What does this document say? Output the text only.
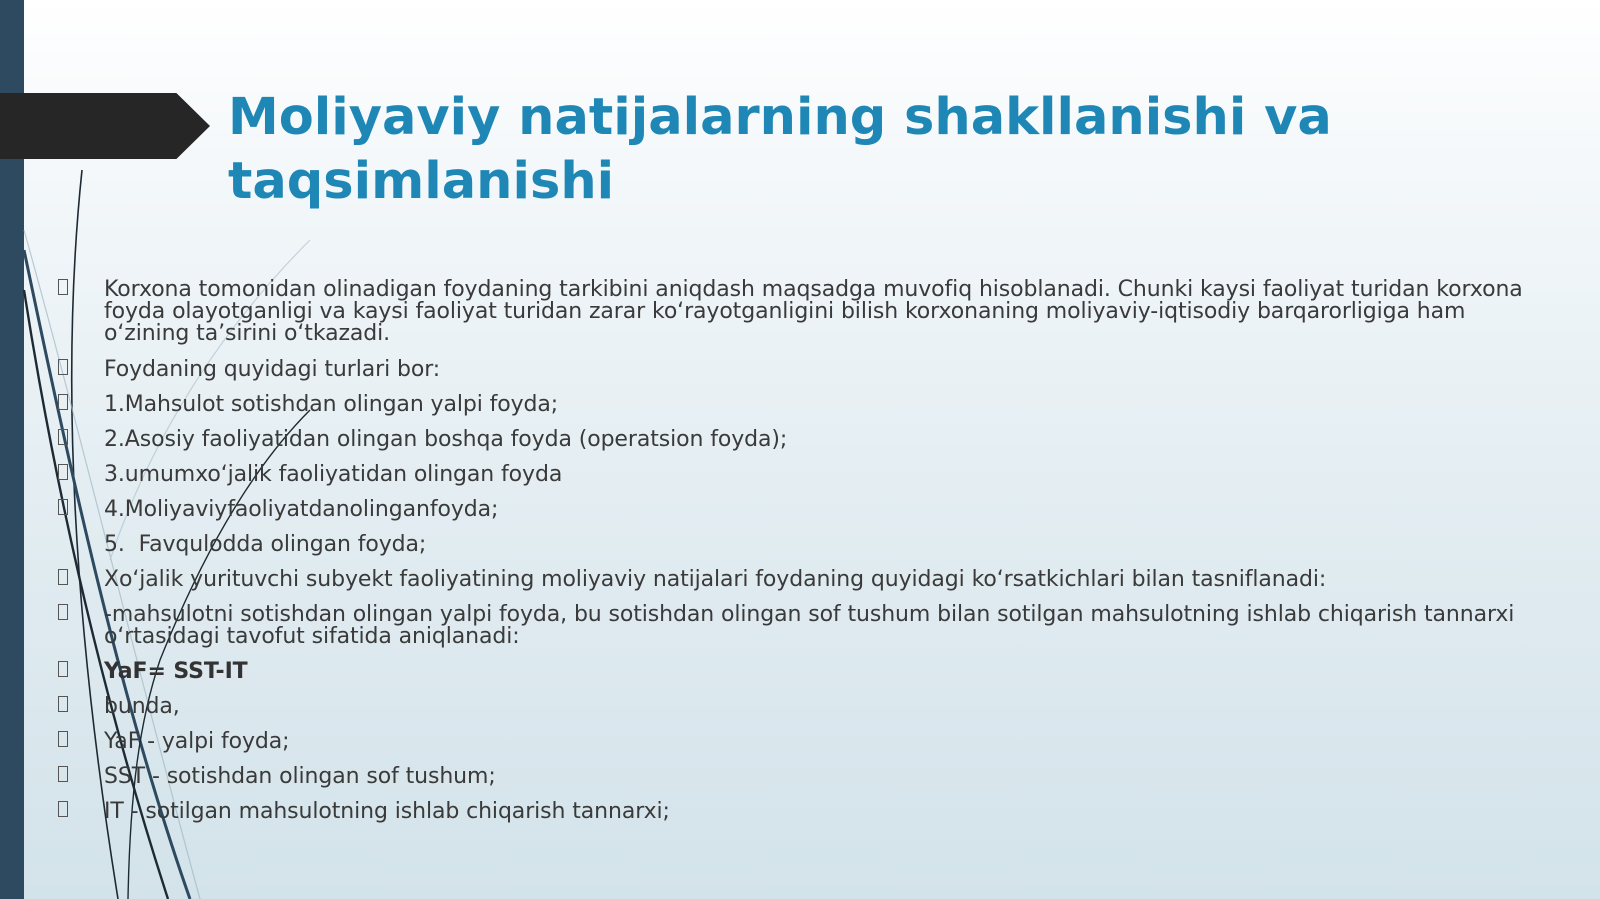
Moliyaviy natijalarning shakllanishi va taqsimlanishi
Korxona tomonidan olinadigan foydaning tarkibini aniqdash maqsadga muvofiq hisoblanadi. Chunki kaysi faoliyat turidan korxona foyda olayotganligi va kaysi faoliyat turidan zarar ko‘rayotganligini bilish korxonaning moliyaviy-iqtisodiy barqarorligiga ham o‘zining ta’sirini o‘tkazadi.
Foydaning quyidagi turlari bor:
1.Mahsulot sotishdan olingan yalpi foyda;
2.Asosiy faoliyatidan olingan boshqa foyda (operatsion foyda);
3.umumxo‘jalik faoliyatidan olingan foyda
4.Moliyaviyfaoliyatdanolinganfoyda;
5.  Favqulodda olingan foyda;
Xo‘jalik yurituvchi subyekt faoliyatining moliyaviy natijalari foydaning quyidagi ko‘rsatkichlari bilan tasniflanadi:
-mahsulotni sotishdan olingan yalpi foyda, bu sotishdan olingan sof tushum bilan sotilgan mahsulotning ishlab chiqarish tannarxi o‘rtasidagi tavofut sifatida aniqlanadi:
YaF= SST-IT
bunda,
YaF - yalpi foyda;
SST - sotishdan olingan sof tushum;
IT - sotilgan mahsulotning ishlab chiqarish tannarxi;
